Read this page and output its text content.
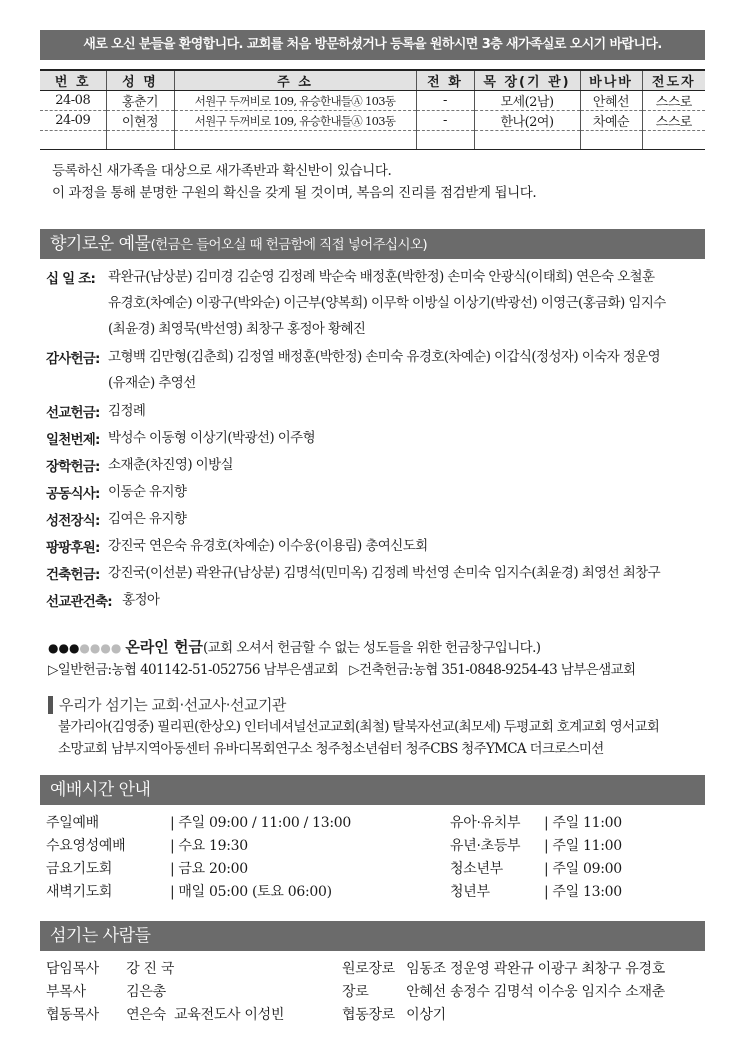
새로 오신 분들을 환영합니다. 교회를 처음 방문하셨거나 등록을 원하시면 3층 새가족실로 오시기 바랍니다.
번 호	성 명	주 소	전 화	목 장(기 관)	바나바	전도자
24-08	홍춘기	서원구 두꺼비로 109, 유승한내들Ⓐ 103동	-	모세(2남)	안혜선	스스로
24-09	이현정	서원구 두꺼비로 109, 유승한내들Ⓐ 103동	-	한나(2여)	차예순	스스로

등록하신 새가족을 대상으로 새가족반과 확신반이 있습니다.
이 과정을 통해 분명한 구원의 확신을 갖게 될 것이며, 복음의 진리를 점검받게 됩니다.
향기로운 예물(헌금은 들어오실 때 헌금함에 직접 넣어주십시오)
십 일 조: 곽완규(남상분) 김미경 김순영 김정례 박순숙 배정훈(박한정) 손미숙 안광식(이태희) 연은숙 오철훈
유경호(차예순) 이광구(박와순) 이근부(양복희) 이무학 이방실 이상기(박광선) 이영근(홍금화) 임지수
(최윤경) 최영묵(박선영) 최창구 홍정아 황혜진
감사헌금: 고형백 김만형(김춘희) 김정열 배정훈(박한정) 손미숙 유경호(차예순) 이갑식(정성자) 이숙자 정운영
(유재순) 추영선
선교헌금: 김정례
일천번제: 박성수 이동형 이상기(박광선) 이주형
장학헌금: 소재춘(차진영) 이방실
공동식사: 이동순 유지향
성전장식: 김여은 유지향
팡팡후원: 강진국 연은숙 유경호(차예순) 이수웅(이용림) 총여신도회
건축헌금: 강진국(이선분) 곽완규(남상분) 김명석(민미옥) 김정례 박선영 손미숙 임지수(최윤경) 최영선 최창구
선교관건축: 홍정아
●●●●●●● 온라인 헌금(교회 오셔서 헌금할 수 없는 성도들을 위한 헌금창구입니다.)
▷일반헌금:농협 401142-51-052756 남부은샘교회 ▷건축헌금:농협 351-0848-9254-43 남부은샘교회
우리가 섬기는 교회·선교사·선교기관
불가리아(김영중) 필리핀(한상오) 인터네셔널선교교회(최철) 탈북자선교(최모세) 두평교회 호계교회 영서교회
소망교회 남부지역아동센터 유바디목회연구소 청주청소년쉼터 청주CBS 청주YMCA 더크로스미션
예배시간 안내
주일예배	| 주일 09:00 / 11:00 / 13:00
수요영성예배	| 수요 19:30
금요기도회	| 금요 20:00
새벽기도회	| 매일 05:00 (토요 06:00)
유아·유치부 | 주일 11:00
유년·초등부 | 주일 11:00
청소년부	| 주일 09:00
청년부	| 주일 13:00
섬기는 사람들
담임목사 강 진 국
부목사	김은총
협동목사 연은숙 교육전도사 이성빈
원로장로 임동조 정운영 곽완규 이광구 최창구 유경호
장로	안혜선 송정수 김명석 이수웅 임지수 소재춘
협동장로 이상기
